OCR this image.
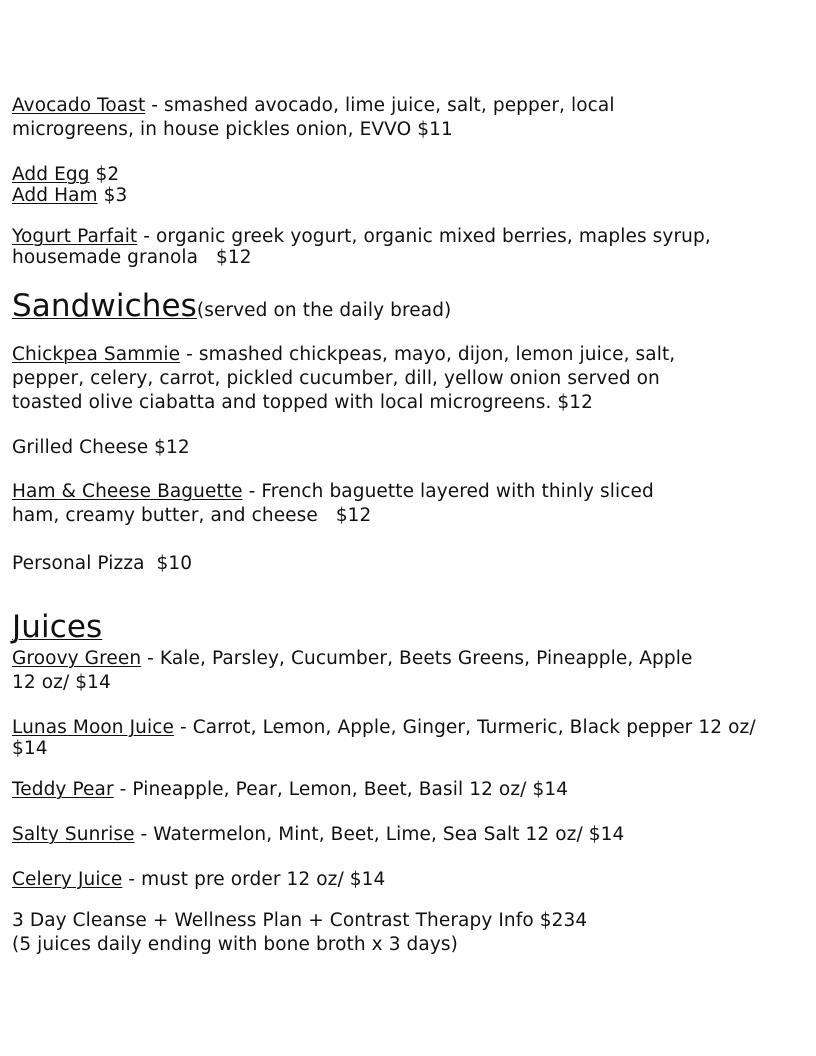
Avocado Toast - smashed avocado, lime juice, salt, pepper, local
microgreens, in house pickles onion, EVVO $11
Add Egg $2
Add Ham $3
Yogurt Parfait - organic greek yogurt, organic mixed berries, maples syrup,
housemade granola   $12
Sandwiches(served on the daily bread)
Chickpea Sammie - smashed chickpeas, mayo, dijon, lemon juice, salt,
pepper, celery, carrot, pickled cucumber, dill, yellow onion served on
toasted olive ciabatta and topped with local microgreens. $12
Grilled Cheese $12
Ham & Cheese Baguette - French baguette layered with thinly sliced
ham, creamy butter, and cheese   $12
Personal Pizza  $10
Juices
Groovy Green - Kale, Parsley, Cucumber, Beets Greens, Pineapple, Apple
12 oz/ $14
Lunas Moon Juice - Carrot, Lemon, Apple, Ginger, Turmeric, Black pepper 12 oz/
$14
Teddy Pear - Pineapple, Pear, Lemon, Beet, Basil 12 oz/ $14
Salty Sunrise - Watermelon, Mint, Beet, Lime, Sea Salt 12 oz/ $14
Celery Juice - must pre order 12 oz/ $14
3 Day Cleanse + Wellness Plan + Contrast Therapy Info $234
(5 juices daily ending with bone broth x 3 days)
